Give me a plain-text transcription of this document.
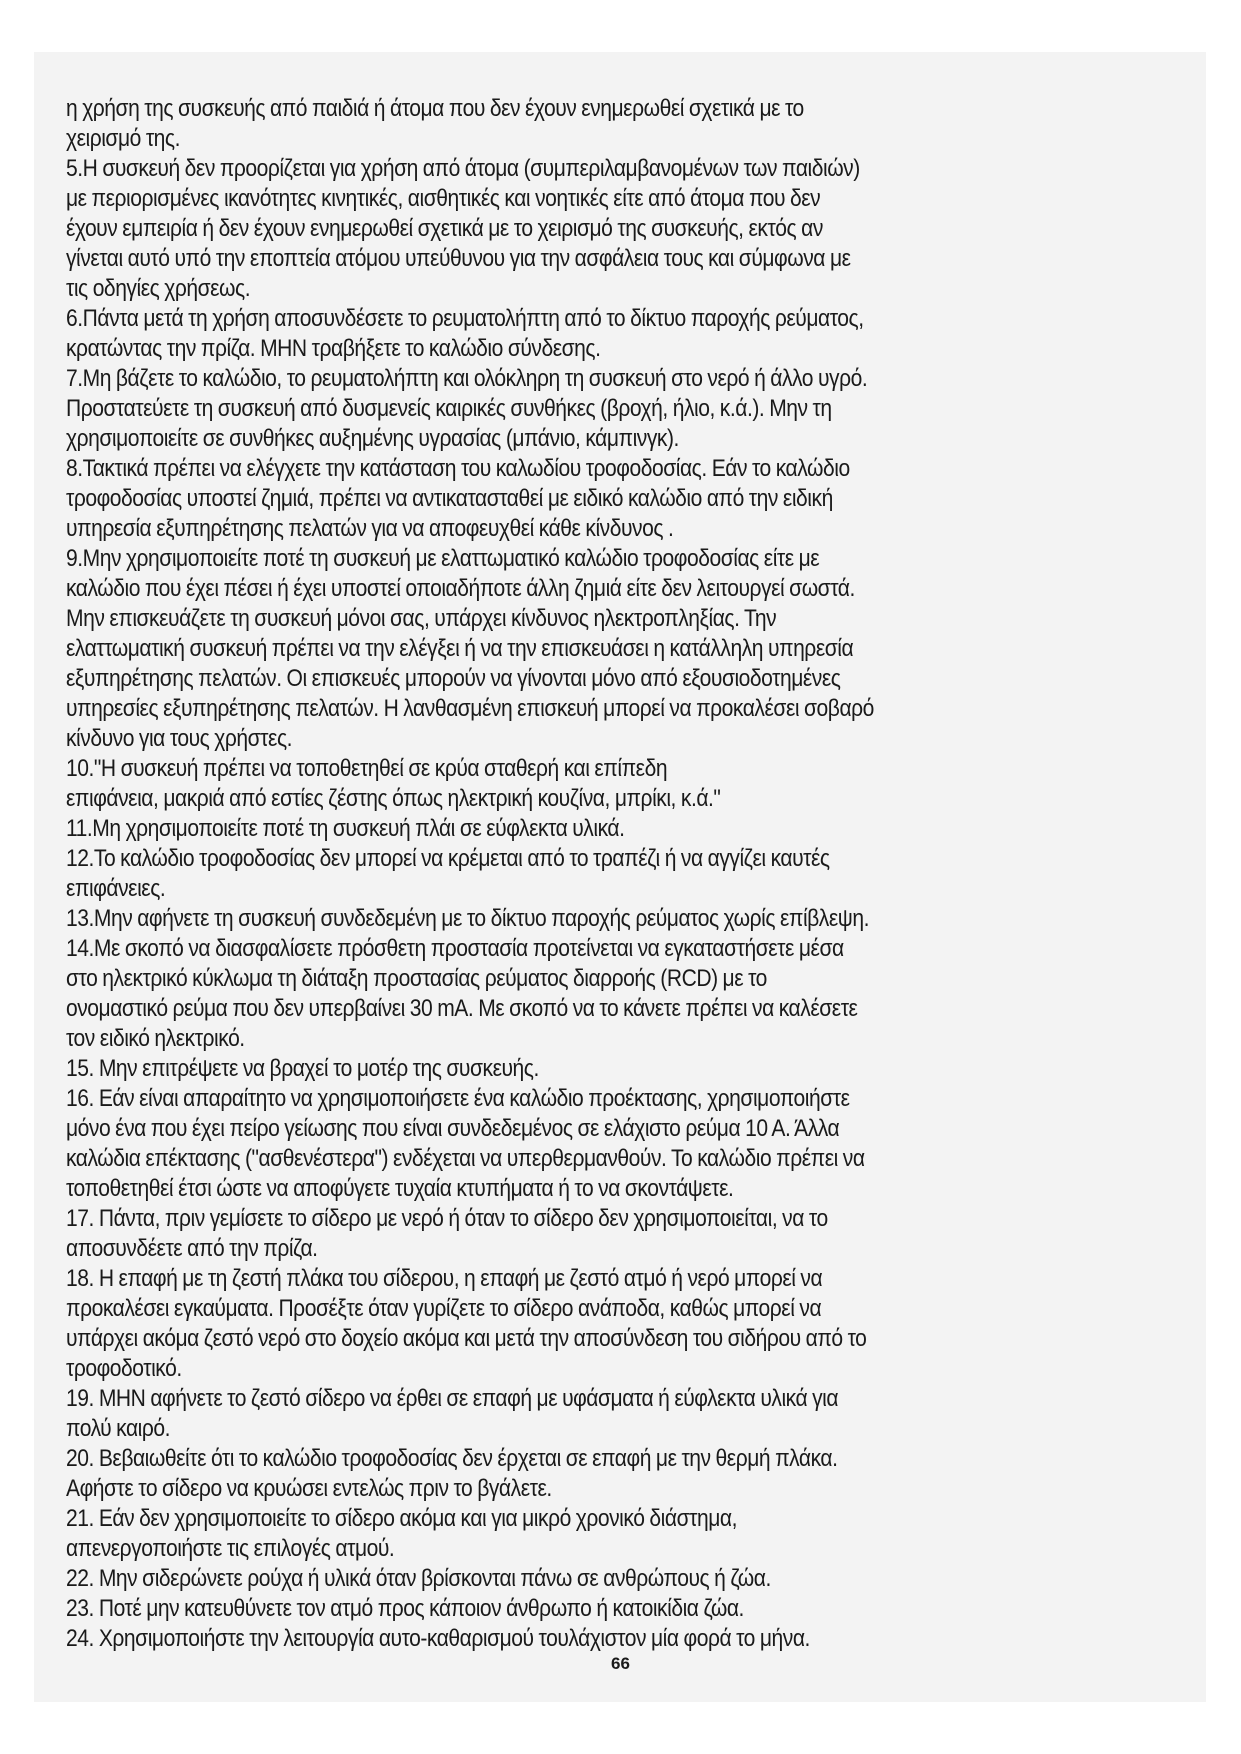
η χρήση της συσκευής από παιδιά ή άτομα που δεν έχουν ενημερωθεί σχετικά με το
χειρισμό της.
5.Η συσκευή δεν προορίζεται για χρήση από άτομα (συμπεριλαμβανομένων των παιδιών)
με περιορισμένες ικανότητες κινητικές, αισθητικές και νοητικές είτε από άτομα που δεν
έχουν εμπειρία ή δεν έχουν ενημερωθεί σχετικά με το χειρισμό της συσκευής, εκτός αν
γίνεται αυτό υπό την εποπτεία ατόμου υπεύθυνου για την ασφάλεια τους και σύμφωνα με
τις οδηγίες χρήσεως.
6.Πάντα μετά τη χρήση αποσυνδέσετε το ρευματολήπτη από το δίκτυο παροχής ρεύματος,
κρατώντας την πρίζα. ΜΗΝ τραβήξετε το καλώδιο σύνδεσης.
7.Μη βάζετε το καλώδιο, το ρευματολήπτη και ολόκληρη τη συσκευή στο νερό ή άλλο υγρό.
Προστατεύετε τη συσκευή από δυσμενείς καιρικές συνθήκες (βροχή, ήλιο, κ.ά.). Μην τη
χρησιμοποιείτε σε συνθήκες αυξημένης υγρασίας (μπάνιο, κάμπινγκ).
8.Τακτικά πρέπει να ελέγχετε την κατάσταση του καλωδίου τροφοδοσίας. Εάν το καλώδιο
τροφοδοσίας υποστεί ζημιά, πρέπει να αντικατασταθεί με ειδικό καλώδιο από την ειδική
υπηρεσία εξυπηρέτησης πελατών για να αποφευχθεί κάθε κίνδυνος .
9.Μην χρησιμοποιείτε ποτέ τη συσκευή με ελαττωματικό καλώδιο τροφοδοσίας είτε με
καλώδιο που έχει πέσει ή έχει υποστεί οποιαδήποτε άλλη ζημιά είτε δεν λειτουργεί σωστά.
Μην επισκευάζετε τη συσκευή μόνοι σας, υπάρχει κίνδυνος ηλεκτροπληξίας. Την
ελαττωματική συσκευή πρέπει να την ελέγξει ή να την επισκευάσει η κατάλληλη υπηρεσία
εξυπηρέτησης πελατών. Οι επισκευές μπορούν να γίνονται μόνο από εξουσιοδοτημένες
υπηρεσίες εξυπηρέτησης πελατών. Η λανθασμένη επισκευή μπορεί να προκαλέσει σοβαρό
κίνδυνο για τους χρήστες.
10."Η συσκευή πρέπει να τοποθετηθεί σε κρύα σταθερή και επίπεδη
επιφάνεια, μακριά από εστίες ζέστης όπως ηλεκτρική κουζίνα, μπρίκι, κ.ά."
11.Μη χρησιμοποιείτε ποτέ τη συσκευή πλάι σε εύφλεκτα υλικά.
12.Το καλώδιο τροφοδοσίας δεν μπορεί να κρέμεται από το τραπέζι ή να αγγίζει καυτές
επιφάνειες.
13.Μην αφήνετε τη συσκευή συνδεδεμένη με το δίκτυο παροχής ρεύματος χωρίς επίβλεψη.
14.Με σκοπό να διασφαλίσετε πρόσθετη προστασία προτείνεται να εγκαταστήσετε μέσα
στο ηλεκτρικό κύκλωμα τη διάταξη προστασίας ρεύματος διαρροής (RCD) με το
ονομαστικό ρεύμα που δεν υπερβαίνει 30 mA. Με σκοπό να το κάνετε πρέπει να καλέσετε
τον ειδικό ηλεκτρικό.
15. Μην επιτρέψετε να βραχεί το μοτέρ της συσκευής.
16. Εάν είναι απαραίτητο να χρησιμοποιήσετε ένα καλώδιο προέκτασης, χρησιμοποιήστε
μόνο ένα που έχει πείρο γείωσης που είναι συνδεδεμένος σε ελάχιστο ρεύμα 10 Α. Άλλα
καλώδια επέκτασης ("ασθενέστερα") ενδέχεται να υπερθερμανθούν. Το καλώδιο πρέπει να
τοποθετηθεί έτσι ώστε να αποφύγετε τυχαία κτυπήματα ή το να σκοντάψετε.
17. Πάντα, πριν γεμίσετε το σίδερο με νερό ή όταν το σίδερο δεν χρησιμοποιείται, να το
αποσυνδέετε από την πρίζα.
18. Η επαφή με τη ζεστή πλάκα του σίδερου, η επαφή με ζεστό ατμό ή νερό μπορεί να
προκαλέσει εγκαύματα. Προσέξτε όταν γυρίζετε το σίδερο ανάποδα, καθώς μπορεί να
υπάρχει ακόμα ζεστό νερό στο δοχείο ακόμα και μετά την αποσύνδεση του σιδήρου από το
τροφοδοτικό.
19. ΜΗΝ αφήνετε το ζεστό σίδερο να έρθει σε επαφή με υφάσματα ή εύφλεκτα υλικά για
πολύ καιρό.
20. Βεβαιωθείτε ότι το καλώδιο τροφοδοσίας δεν έρχεται σε επαφή με την θερμή πλάκα.
Αφήστε το σίδερο να κρυώσει εντελώς πριν το βγάλετε.
21. Εάν δεν χρησιμοποιείτε το σίδερο ακόμα και για μικρό χρονικό διάστημα,
απενεργοποιήστε τις επιλογές ατμού.
22. Μην σιδερώνετε ρούχα ή υλικά όταν βρίσκονται πάνω σε ανθρώπους ή ζώα.
23. Ποτέ μην κατευθύνετε τον ατμό προς κάποιον άνθρωπο ή κατοικίδια ζώα.
24. Χρησιμοποιήστε την λειτουργία αυτο-καθαρισμού τουλάχιστον μία φορά το μήνα.
66
